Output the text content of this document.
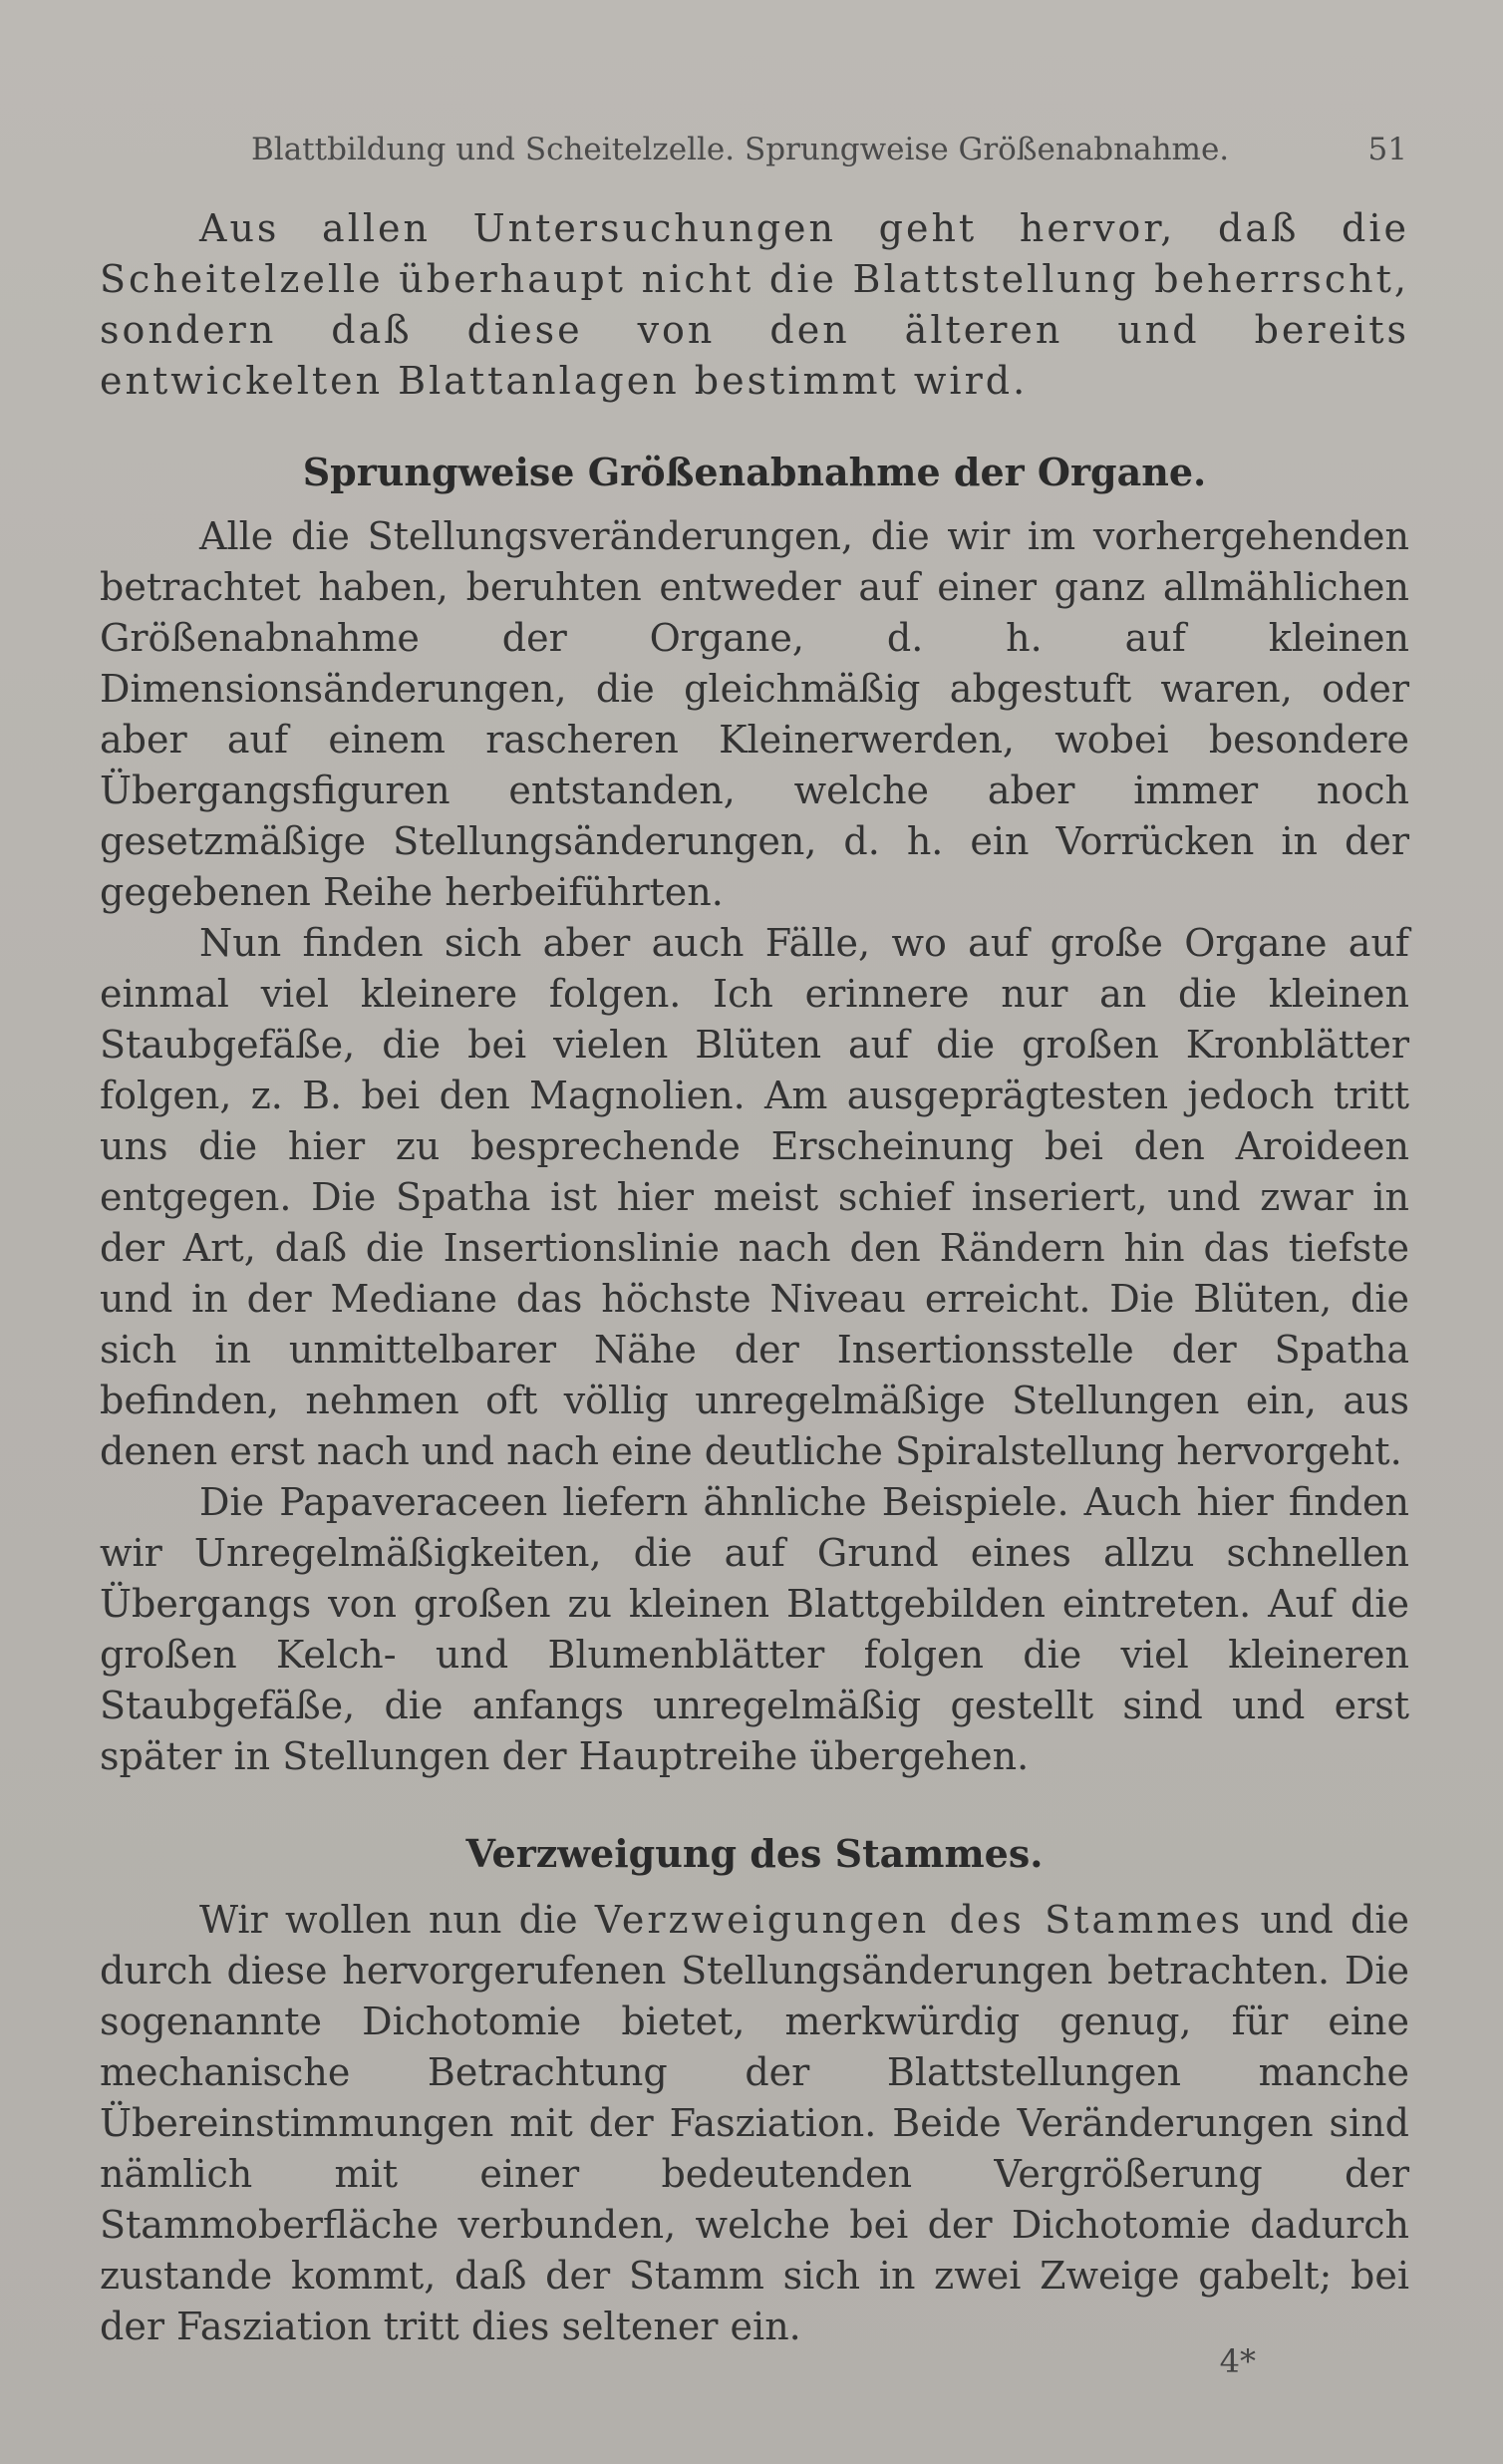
Blattbildung und Scheitelzelle. Sprungweise Größenabnahme.	51

Aus allen Untersuchungen geht hervor, daß die Scheitelzelle überhaupt nicht die Blattstellung beherrscht, sondern daß diese von den älteren und bereits entwickelten Blattanlagen bestimmt wird.

Sprungweise Größenabnahme der Organe.

Alle die Stellungsveränderungen, die wir im vorhergehenden betrachtet haben, beruhten entweder auf einer ganz allmählichen Größenabnahme der Organe, d. h. auf kleinen Dimensionsänderungen, die gleichmäßig abgestuft waren, oder aber auf einem rascheren Kleinerwerden, wobei besondere Übergangsfiguren entstanden, welche aber immer noch gesetzmäßige Stellungsänderungen, d. h. ein Vorrücken in der gegebenen Reihe herbeiführten.

Nun finden sich aber auch Fälle, wo auf große Organe auf einmal viel kleinere folgen. Ich erinnere nur an die kleinen Staubgefäße, die bei vielen Blüten auf die großen Kronblätter folgen, z. B. bei den Magnolien. Am ausgeprägtesten jedoch tritt uns die hier zu besprechende Erscheinung bei den Aroideen entgegen. Die Spatha ist hier meist schief inseriert, und zwar in der Art, daß die Insertionslinie nach den Rändern hin das tiefste und in der Mediane das höchste Niveau erreicht. Die Blüten, die sich in unmittelbarer Nähe der Insertionsstelle der Spatha befinden, nehmen oft völlig unregelmäßige Stellungen ein, aus denen erst nach und nach eine deutliche Spiralstellung hervorgeht.

Die Papaveraceen liefern ähnliche Beispiele. Auch hier finden wir Unregelmäßigkeiten, die auf Grund eines allzu schnellen Übergangs von großen zu kleinen Blattgebilden eintreten. Auf die großen Kelch- und Blumenblätter folgen die viel kleineren Staubgefäße, die anfangs unregelmäßig gestellt sind und erst später in Stellungen der Hauptreihe übergehen.

Verzweigung des Stammes.

Wir wollen nun die Verzweigungen des Stammes und die durch diese hervorgerufenen Stellungsänderungen betrachten. Die sogenannte Dichotomie bietet, merkwürdig genug, für eine mechanische Betrachtung der Blattstellungen manche Übereinstimmungen mit der Fasziation. Beide Veränderungen sind nämlich mit einer bedeutenden Vergrößerung der Stammoberfläche verbunden, welche bei der Dichotomie dadurch zustande kommt, daß der Stamm sich in zwei Zweige gabelt; bei der Fasziation tritt dies seltener ein.

4*
